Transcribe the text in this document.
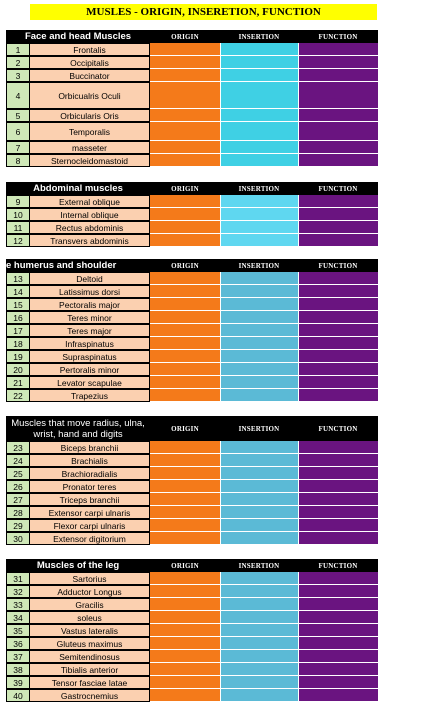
MUSLES - ORIGIN, INSERETION, FUNCTION
Face and head Muscles	ORIGIN	INSERTION	FUNCTION
1	Frontalis
2	Occipitalis
3	Buccinator
4	Orbicualris Oculi
5	Orbicularis Oris
6	Temporalis
7	masseter
8	Sternocleidomastoid
Abdominal muscles	ORIGIN	INSERTION	FUNCTION
9	External oblique
10	Internal oblique
11	Rectus abdominis
12	Transvers abdominis
e humerus and shoulder	ORIGIN	INSERTION	FUNCTION
13	Deltoid
14	Latissimus dorsi
15	Pectoralis major
16	Teres minor
17	Teres major
18	Infraspinatus
19	Supraspinatus
20	Pertoralis minor
21	Levator scapulae
22	Trapezius
Muscles that move radius, ulna, wrist, hand and digits	ORIGIN	INSERTION	FUNCTION
23	Biceps branchii
24	Brachialis
25	Brachioradialis
26	Pronator teres
27	Triceps branchii
28	Extensor carpi ulnaris
29	Flexor carpi ulnaris
30	Extensor digitorium
Muscles of the leg	ORIGIN	INSERTION	FUNCTION
31	Sartorius
32	Adductor Longus
33	Gracilis
34	soleus
35	Vastus lateralis
36	Gluteus maximus
37	Semitendinosus
38	Tibialis anterior
39	Tensor fasciae latae
40	Gastrocnemius
